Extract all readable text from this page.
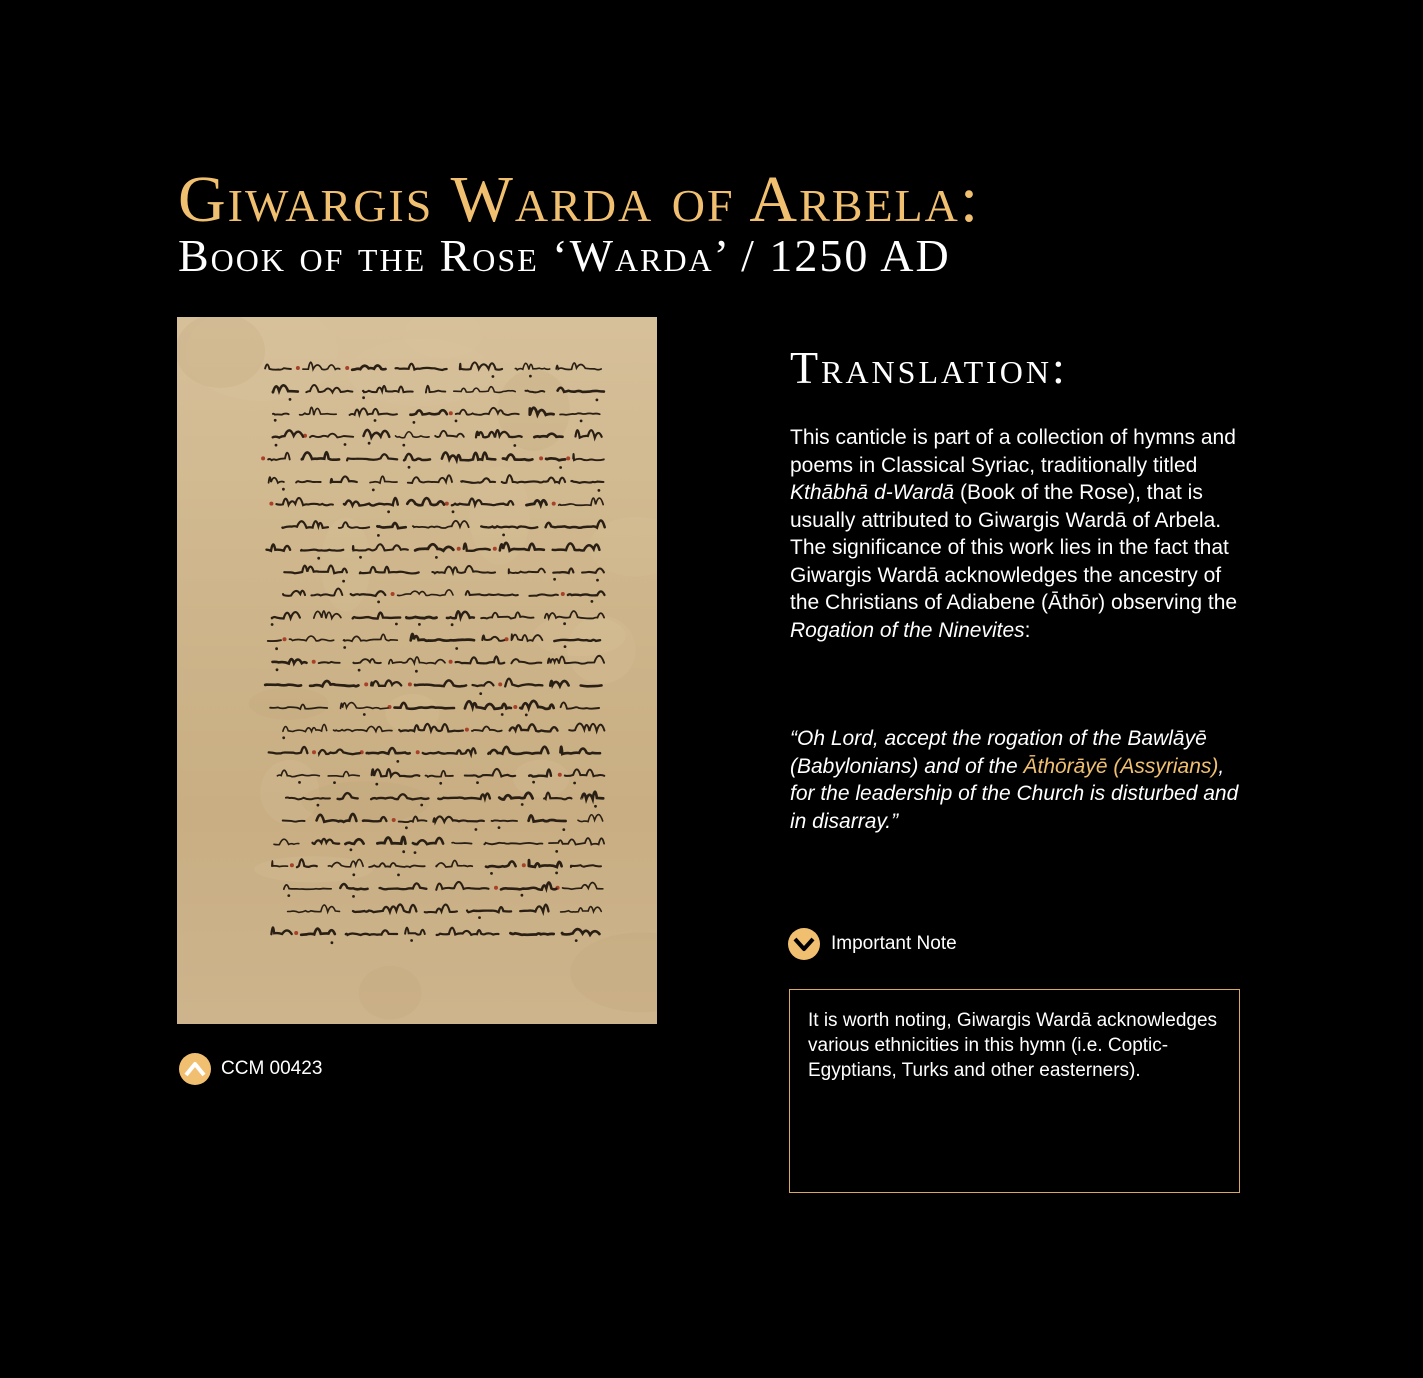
Giwargis Warda of Arbela:
Book of the Rose ‘Warda’ / 1250 AD
CCM 00423
Translation:

This canticle is part of a collection of hymns and poems in Classical Syriac, traditionally titled Kthābhā d-Wardā (Book of the Rose), that is usually attributed to Giwargis Wardā of Arbela. The significance of this work lies in the fact that Giwargis Wardā acknowledges the ancestry of the Christians of Adiabene (Āthōr) observing the Rogation of the Ninevites:

“Oh Lord, accept the rogation of the Bawlāyē (Babylonians) and of the Āthōrāyē (Assyrians), for the leadership of the Church is disturbed and in disarray.”

Important Note

It is worth noting, Giwargis Wardā acknowledges various ethnicities in this hymn (i.e. Coptic-Egyptians, Turks and other easterners).
